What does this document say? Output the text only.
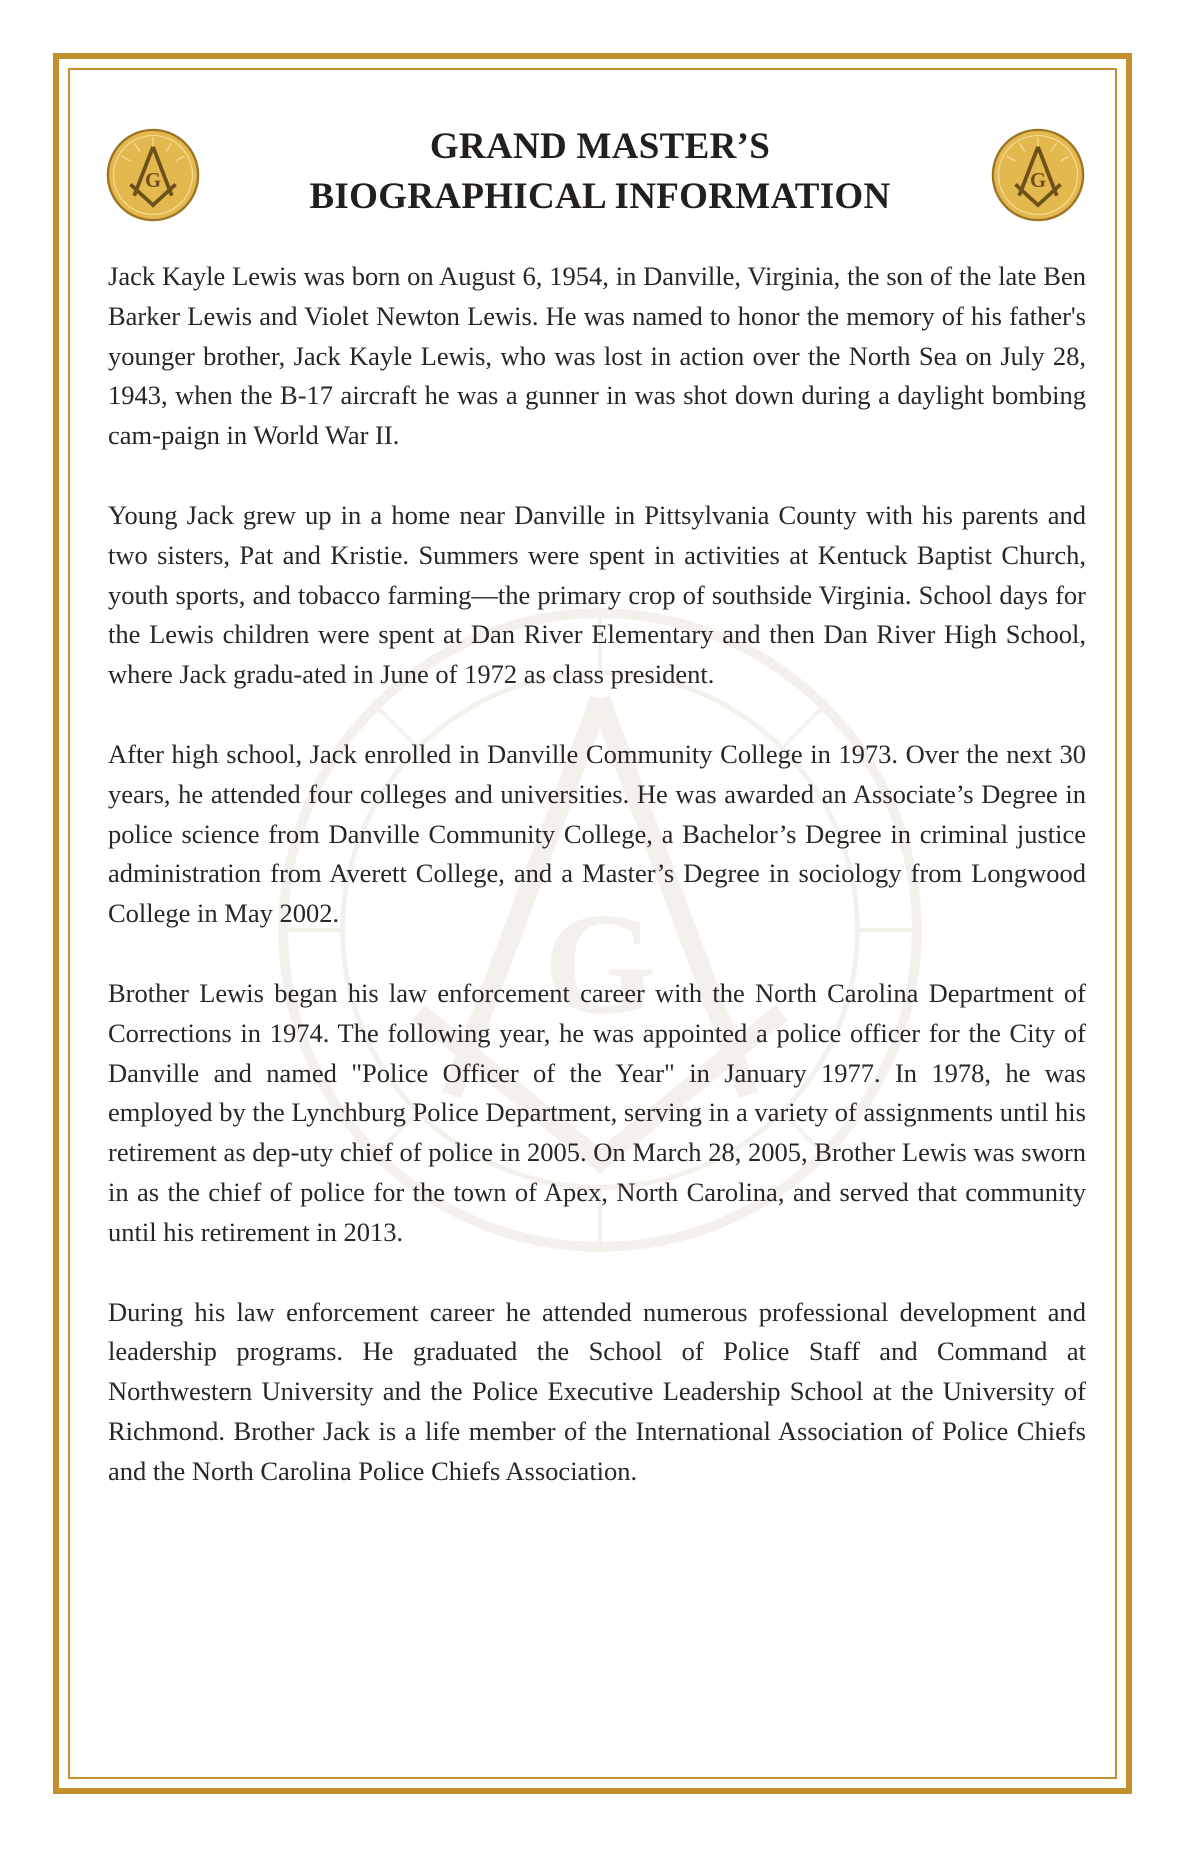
G
G	G
GRAND MASTER’S
BIOGRAPHICAL INFORMATION

Jack Kayle Lewis was born on August 6, 1954, in Danville, Virginia, the son of the late Ben Barker Lewis and Violet Newton Lewis. He was named to honor the memory of his father's younger brother, Jack Kayle Lewis, who was lost in action over the North Sea on July 28, 1943, when the B-17 aircraft he was a gunner in was shot down during a daylight bombing cam-paign in World War II.

Young Jack grew up in a home near Danville in Pittsylvania County with his parents and two sisters, Pat and Kristie. Summers were spent in activities at Kentuck Baptist Church, youth sports, and tobacco farming—the primary crop of southside Virginia. School days for the Lewis children were spent at Dan River Elementary and then Dan River High School, where Jack gradu-ated in June of 1972 as class president.

After high school, Jack enrolled in Danville Community College in 1973. Over the next 30 years, he attended four colleges and universities. He was awarded an Associate’s Degree in police science from Danville Community College, a Bachelor’s Degree in criminal justice administration from Averett College, and a Master’s Degree in sociology from Longwood College in May 2002.

Brother Lewis began his law enforcement career with the North Carolina Department of Corrections in 1974. The following year, he was appointed a police officer for the City of Danville and named "Police Officer of the Year" in January 1977. In 1978, he was employed by the Lynchburg Police Department, serving in a variety of assignments until his retirement as dep-uty chief of police in 2005. On March 28, 2005, Brother Lewis was sworn in as the chief of police for the town of Apex, North Carolina, and served that community until his retirement in 2013.

During his law enforcement career he attended numerous professional development and leadership programs. He graduated the School of Police Staff and Command at Northwestern University and the Police Executive Leadership School at the University of Richmond. Brother Jack is a life member of the International Association of Police Chiefs and the North Carolina Police Chiefs Association.
